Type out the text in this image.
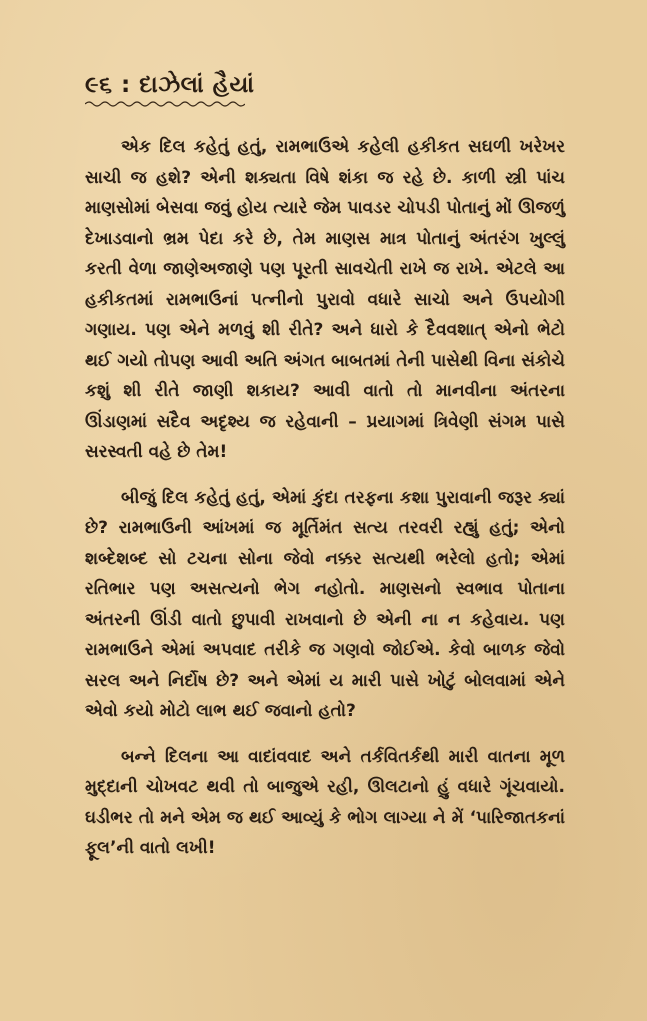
૯૬ : દાઝેલાં હૈયાં

એક દિલ કહેતું હતું, રામભાઉએ કહેલી હકીકત સઘળી ખરેખર સાચી જ હશે? એની શક્યતા વિષે શંકા જ રહે છે. કાળી સ્ત્રી પાંચ માણસોમાં બેસવા જવું હોય ત્યારે જેમ પાવડર ચોપડી પોતાનું મોં ઊજળું દેખાડવાનો ભ્રમ પેદા કરે છે, તેમ માણસ માત્ર પોતાનું અંતરંગ ખુલ્લું કરતી વેળા જાણેઅજાણે પણ પૂરતી સાવચેતી રાખે જ રાખે. એટલે આ હકીકતમાં રામભાઉનાં પત્નીનો પુરાવો વધારે સાચો અને ઉપયોગી ગણાય. પણ એને મળવું શી રીતે? અને ધારો કે દૈવવશાત્ એનો ભેટો થઈ ગયો તોપણ આવી અતિ અંગત બાબતમાં તેની પાસેથી વિના સંકોચે કશું શી રીતે જાણી શકાય? આવી વાતો તો માનવીના અંતરના ઊંડાણમાં સદૈવ અદૃશ્ય જ રહેવાની – પ્રયાગમાં ત્રિવેણી સંગમ પાસે સરસ્વતી વહે છે તેમ!

બીજું દિલ કહેતું હતું, એમાં કુંદા તરફના કશા પુરાવાની જરૂર ક્યાં છે? રામભાઉની આંખમાં જ મૂર્તિમંત સત્ય તરવરી રહ્યું હતું; એનો શબ્દેશબ્દ સો ટચના સોના જેવો નક્કર સત્યથી ભરેલો હતો; એમાં રતિભાર પણ અસત્યનો ભેગ નહોતો. માણસનો સ્વભાવ પોતાના અંતરની ઊંડી વાતો છુપાવી રાખવાનો છે એની ના ન કહેવાય. પણ રામભાઉને એમાં અપવાદ તરીકે જ ગણવો જોઈએ. કેવો બાળક જેવો સરલ અને નિર્દોષ છે? અને એમાં ય મારી પાસે ખોટું બોલવામાં એને એવો કયો મોટો લાભ થઈ જવાનો હતો?

બન્ને દિલના આ વાદાંવવાદ અને તર્કવિતર્કથી મારી વાતના મૂળ મુદ્દાની ચોખવટ થવી તો બાજુએ રહી, ઊલટાનો હું વધારે ગૂંચવાયો. ઘડીભર તો મને એમ જ થઈ આવ્યું કે ભોગ લાગ્યા ને મેં ‘પારિજાતકનાં ફૂલ’ની વાતો લખી!
